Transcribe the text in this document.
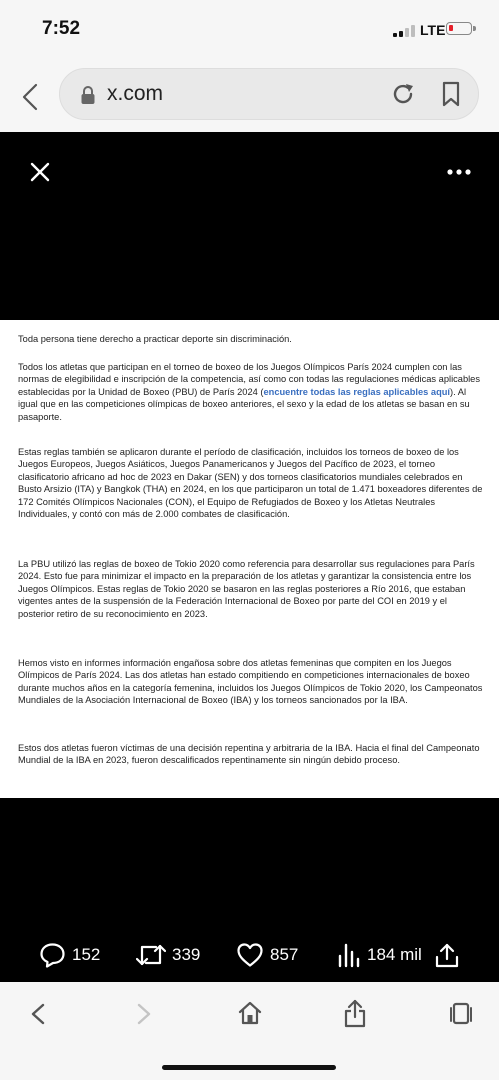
7:52	LTE
x.com

Toda persona tiene derecho a practicar deporte sin discriminación.

Todos los atletas que participan en el torneo de boxeo de los Juegos Olímpicos París 2024 cumplen con las normas de elegibilidad e inscripción de la competencia, así como con todas las regulaciones médicas aplicables establecidas por la Unidad de Boxeo (PBU) de París 2024 (encuentre todas las reglas aplicables aquí). Al igual que en las competiciones olímpicas de boxeo anteriores, el sexo y la edad de los atletas se basan en su pasaporte.

Estas reglas también se aplicaron durante el período de clasificación, incluidos los torneos de boxeo de los Juegos Europeos, Juegos Asiáticos, Juegos Panamericanos y Juegos del Pacífico de 2023, el torneo clasificatorio africano ad hoc de 2023 en Dakar (SEN) y dos torneos clasificatorios mundiales celebrados en Busto Arsizio (ITA) y Bangkok (THA) en 2024, en los que participaron un total de 1.471 boxeadores diferentes de 172 Comités Olímpicos Nacionales (CON), el Equipo de Refugiados de Boxeo y los Atletas Neutrales Individuales, y contó con más de 2.000 combates de clasificación.

La PBU utilizó las reglas de boxeo de Tokio 2020 como referencia para desarrollar sus regulaciones para París 2024. Esto fue para minimizar el impacto en la preparación de los atletas y garantizar la consistencia entre los Juegos Olímpicos. Estas reglas de Tokio 2020 se basaron en las reglas posteriores a Río 2016, que estaban vigentes antes de la suspensión de la Federación Internacional de Boxeo por parte del COI en 2019 y el posterior retiro de su reconocimiento en 2023.

Hemos visto en informes información engañosa sobre dos atletas femeninas que compiten en los Juegos Olímpicos de París 2024. Las dos atletas han estado compitiendo en competiciones internacionales de boxeo durante muchos años en la categoría femenina, incluidos los Juegos Olímpicos de Tokio 2020, los Campeonatos Mundiales de la Asociación Internacional de Boxeo (IBA) y los torneos sancionados por la IBA.

Estos dos atletas fueron víctimas de una decisión repentina y arbitraria de la IBA. Hacia el final del Campeonato Mundial de la IBA en 2023, fueron descalificados repentinamente sin ningún debido proceso.

152	339	857	184 mil
